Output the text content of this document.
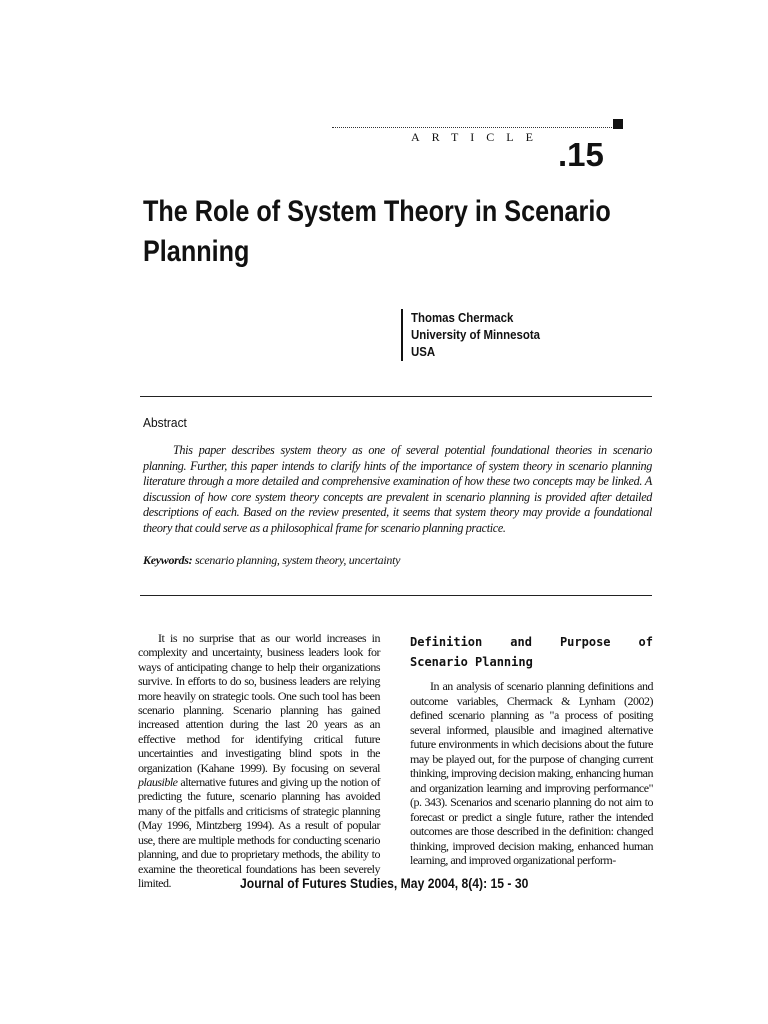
ARTICLE .15
The Role of System Theory in Scenario Planning
Thomas Chermack
University of Minnesota
USA
Abstract
This paper describes system theory as one of several potential foundational theories in scenario planning. Further, this paper intends to clarify hints of the importance of system theory in scenario planning literature through a more detailed and comprehensive examination of how these two concepts may be linked. A discussion of how core system theory concepts are prevalent in scenario planning is provided after detailed descriptions of each. Based on the review presented, it seems that system theory may provide a foundational theory that could serve as a philosophical frame for scenario planning practice.
Keywords: scenario planning, system theory, uncertainty
It is no surprise that as our world increases in complexity and uncertainty, business leaders look for ways of anticipating change to help their organizations survive. In efforts to do so, business leaders are relying more heavily on strategic tools. One such tool has been scenario planning. Scenario planning has gained increased attention during the last 20 years as an effective method for identifying critical future uncertainties and investigating blind spots in the organization (Kahane 1999). By focusing on several plausible alternative futures and giving up the notion of predicting the future, scenario planning has avoided many of the pitfalls and criticisms of strategic planning (May 1996, Mintzberg 1994). As a result of popular use, there are multiple methods for conducting scenario planning, and due to proprietary methods, the ability to examine the theoretical foundations has been severely limited.
Definition and Purpose of Scenario Planning
In an analysis of scenario planning definitions and outcome variables, Chermack & Lynham (2002) defined scenario planning as "a process of positing several informed, plausible and imagined alternative future environments in which decisions about the future may be played out, for the purpose of changing current thinking, improving decision making, enhancing human and organization learning and improving performance" (p. 343). Scenarios and scenario planning do not aim to forecast or predict a single future, rather the intended outcomes are those described in the definition: changed thinking, improved decision making, enhanced human learning, and improved organizational perform-
Journal of Futures Studies, May 2004, 8(4): 15 - 30
